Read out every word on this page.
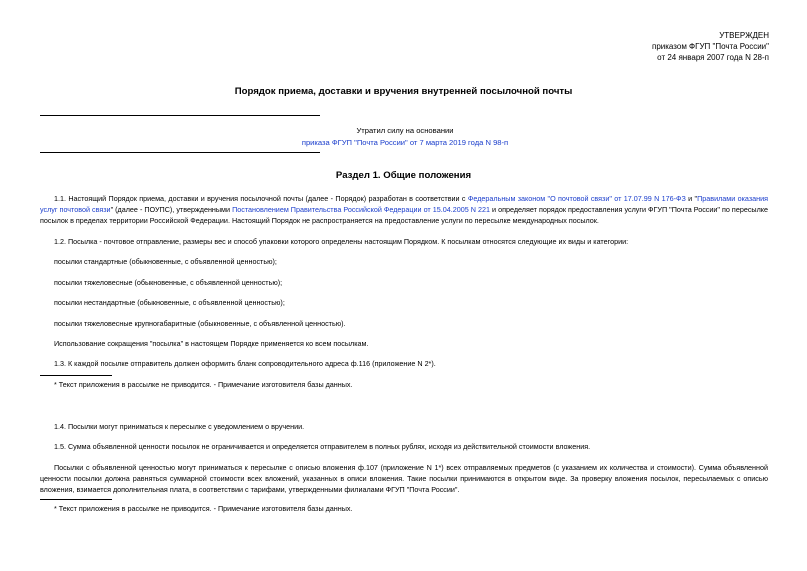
УТВЕРЖДЕН
приказом ФГУП "Почта России"
от 24 января 2007 года N 28-п
Порядок приема, доставки и вручения внутренней посылочной почты
Утратил силу на основании
приказа ФГУП "Почта России" от 7 марта 2019 года N 98-п
Раздел 1. Общие положения
1.1. Настоящий Порядок приема, доставки и вручения посылочной почты (далее - Порядок) разработан в соответствии с Федеральным законом "О почтовой связи" от 17.07.99 N 176-ФЗ и "Правилами оказания услуг почтовой связи" (далее - ПОУПС), утвержденными Постановлением Правительства Российской Федерации от 15.04.2005 N 221 и определяет порядок предоставления услуги ФГУП "Почта России" по пересылке посылок в пределах территории Российской Федерации. Настоящий Порядок не распространяется на предоставление услуги по пересылке международных посылок.
1.2. Посылка - почтовое отправление, размеры вес и способ упаковки которого определены настоящим Порядком. К посылкам относятся следующие их виды и категории:
посылки стандартные (обыкновенные, с объявленной ценностью);
посылки тяжеловесные (обыкновенные, с объявленной ценностью);
посылки нестандартные (обыкновенные, с объявленной ценностью);
посылки тяжеловесные крупногабаритные (обыкновенные, с объявленной ценностью).
Использование сокращения "посылка" в настоящем Порядке применяется ко всем посылкам.
1.3. К каждой посылке отправитель должен оформить бланк сопроводительного адреса ф.116 (приложение N 2*).
* Текст приложения в рассылке не приводится. - Примечание изготовителя базы данных.
1.4. Посылки могут приниматься к пересылке с уведомлением о вручении.
1.5. Сумма объявленной ценности посылок не ограничивается и определяется отправителем в полных рублях, исходя из действительной стоимости вложения.
Посылки с объявленной ценностью могут приниматься к пересылке с описью вложения ф.107 (приложение N 1*) всех отправляемых предметов (с указанием их количества и стоимости). Сумма объявленной ценности посылки должна равняться суммарной стоимости всех вложений, указанных в описи вложения. Такие посылки принимаются в открытом виде. За проверку вложения посылок, пересылаемых с описью вложения, взимается дополнительная плата, в соответствии с тарифами, утвержденными филиалами ФГУП "Почта России".
* Текст приложения в рассылке не приводится. - Примечание изготовителя базы данных.
